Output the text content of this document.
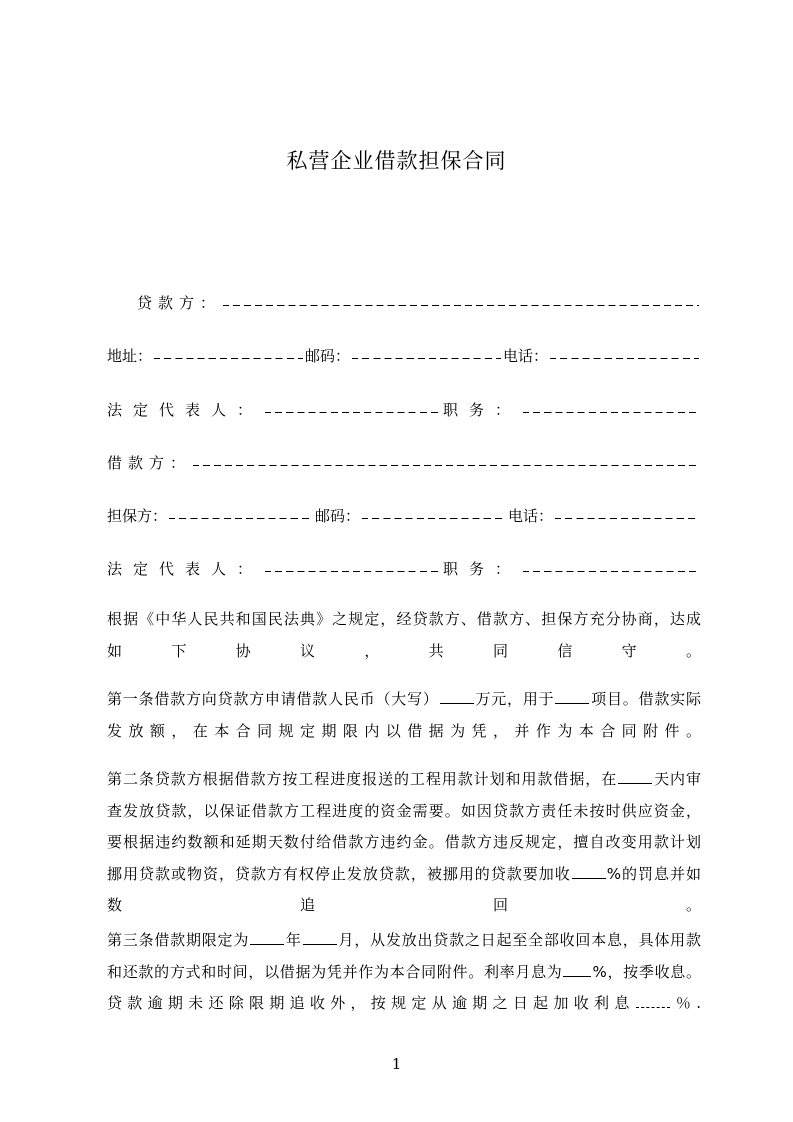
私营企业借款担保合同
贷款方：
地址：	邮码：	电话：
法定代表人：	职务：
借款方：
担保方：	邮码：	电话：
法定代表人：	职务：
根据《中华人民共和国民法典》之规定，经贷款方、借款方、担保方充分协商，达成
如下协议，共同信守。
第一条借款方向贷款方申请借款人民币（大写） 万元，用于 项目。借款实际
发放额，在本合同规定期限内以借据为凭，并作为本合同附件。
第二条贷款方根据借款方按工程进度报送的工程用款计划和用款借据，在 天内审
查发放贷款，以保证借款方工程进度的资金需要。如因贷款方责任未按时供应资金，
要根据违约数额和延期天数付给借款方违约金。借款方违反规定，擅自改变用款计划
挪用贷款或物资，贷款方有权停止发放贷款，被挪用的贷款要加收 %的罚息并如
数追回。
第三条借款期限定为 年 月，从发放出贷款之日起至全部收回本息，具体用款
和还款的方式和时间，以借据为凭并作为本合同附件。利率月息为 %，按季收息。
贷款逾期未还除限期追收外，按规定从逾期之日起加收利息 ％.
1
